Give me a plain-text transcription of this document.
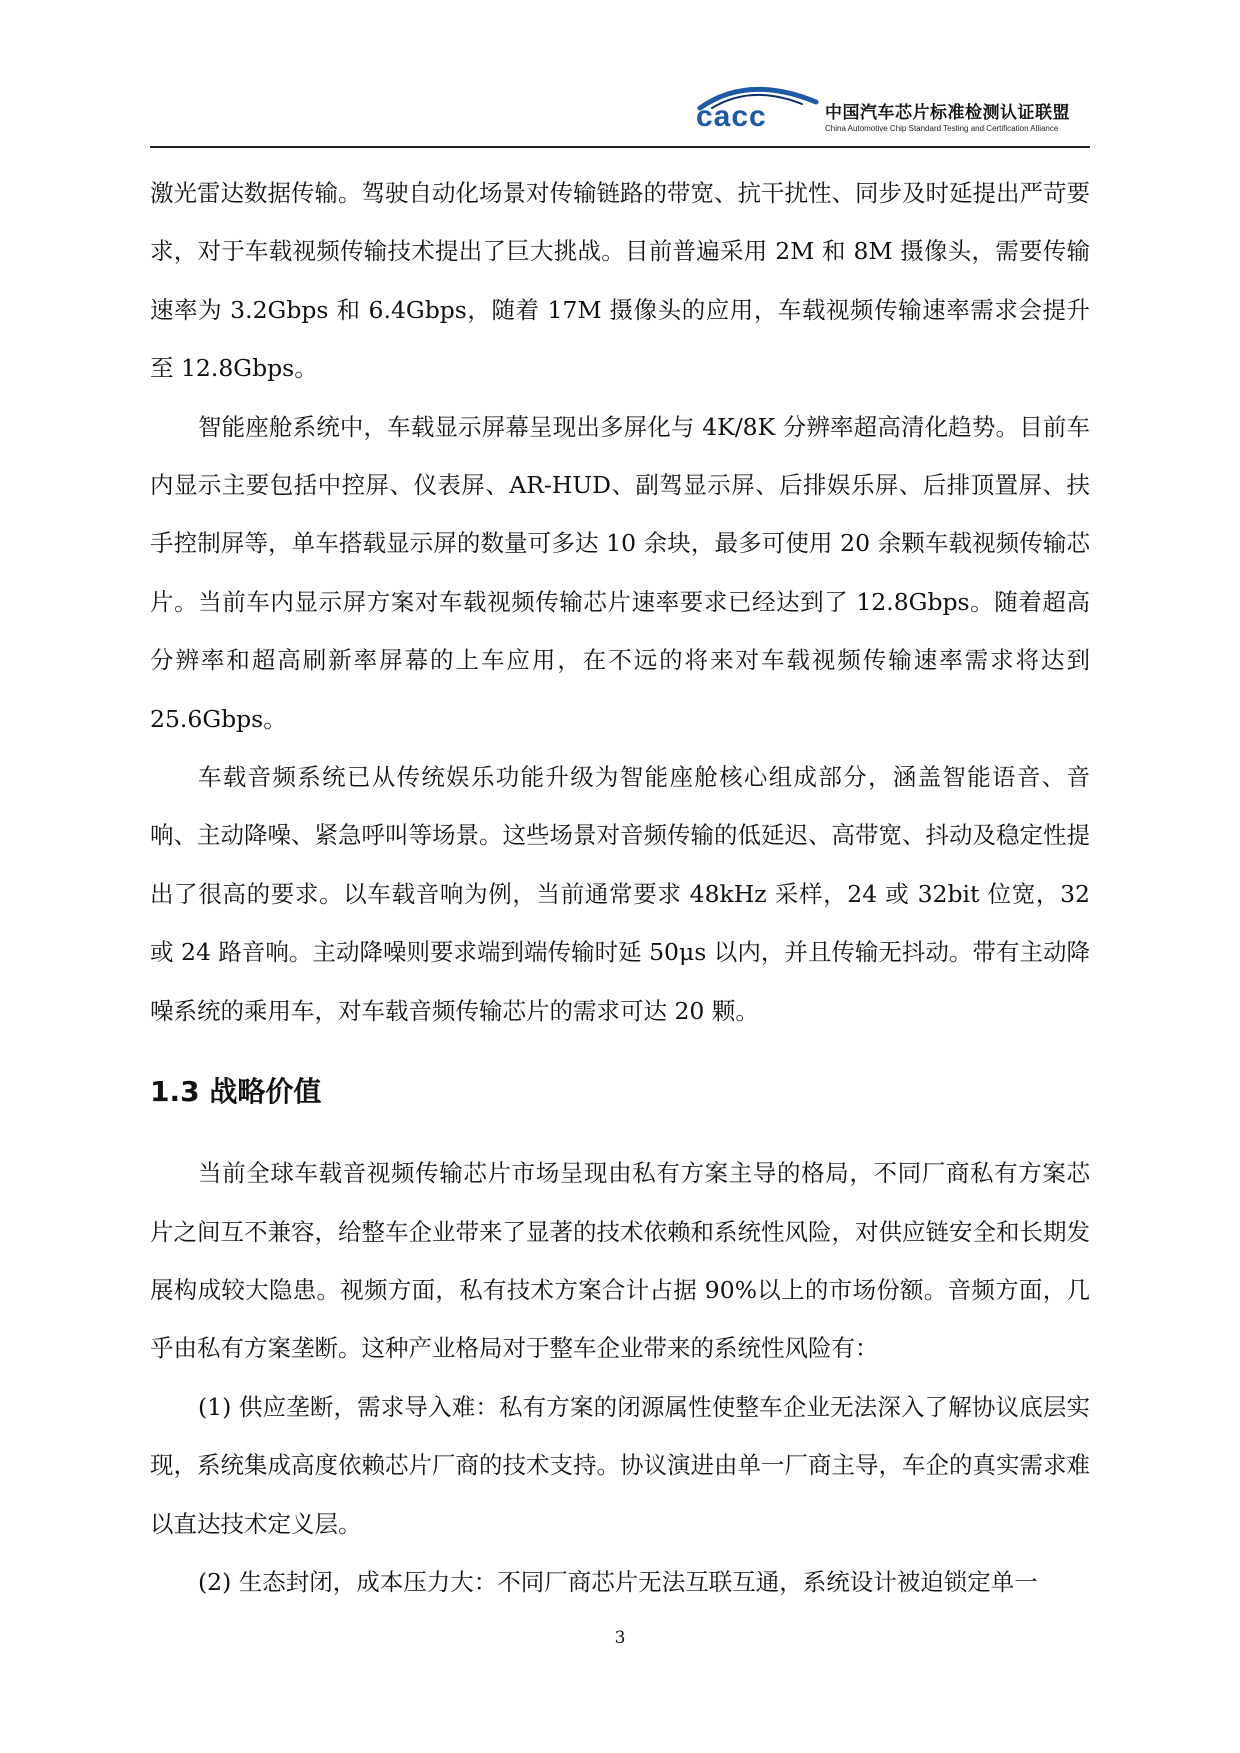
cacc	中国汽车芯片标准检测认证联盟
China Automotive Chip Standard Testing and Certification Alliance

激光雷达数据传输。驾驶自动化场景对传输链路的带宽、抗干扰性、同步及时延提出严苛要求，对于车载视频传输技术提出了巨大挑战。目前普遍采用 2M 和 8M 摄像头，需要传输速率为 3.2Gbps 和 6.4Gbps，随着 17M 摄像头的应用，车载视频传输速率需求会提升至 12.8Gbps。

智能座舱系统中，车载显示屏幕呈现出多屏化与 4K/8K 分辨率超高清化趋势。目前车内显示主要包括中控屏、仪表屏、AR-HUD、副驾显示屏、后排娱乐屏、后排顶置屏、扶手控制屏等，单车搭载显示屏的数量可多达 10 余块，最多可使用 20 余颗车载视频传输芯片。当前车内显示屏方案对车载视频传输芯片速率要求已经达到了 12.8Gbps。随着超高分辨率和超高刷新率屏幕的上车应用，在不远的将来对车载视频传输速率需求将达到 25.6Gbps。

车载音频系统已从传统娱乐功能升级为智能座舱核心组成部分，涵盖智能语音、音响、主动降噪、紧急呼叫等场景。这些场景对音频传输的低延迟、高带宽、抖动及稳定性提出了很高的要求。以车载音响为例，当前通常要求 48kHz 采样，24 或 32bit 位宽，32 或 24 路音响。主动降噪则要求端到端传输时延 50μs 以内，并且传输无抖动。带有主动降噪系统的乘用车，对车载音频传输芯片的需求可达 20 颗。

1.3 战略价值

当前全球车载音视频传输芯片市场呈现由私有方案主导的格局，不同厂商私有方案芯片之间互不兼容，给整车企业带来了显著的技术依赖和系统性风险，对供应链安全和长期发展构成较大隐患。视频方面，私有技术方案合计占据 90%以上的市场份额。音频方面，几乎由私有方案垄断。这种产业格局对于整车企业带来的系统性风险有：

(1) 供应垄断，需求导入难：私有方案的闭源属性使整车企业无法深入了解协议底层实现，系统集成高度依赖芯片厂商的技术支持。协议演进由单一厂商主导，车企的真实需求难以直达技术定义层。

(2) 生态封闭，成本压力大：不同厂商芯片无法互联互通，系统设计被迫锁定单一

3
